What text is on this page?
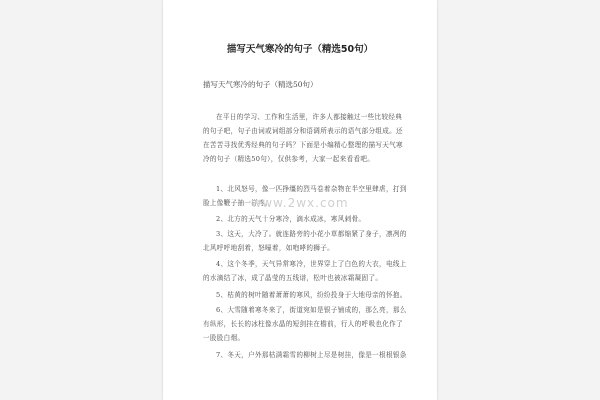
描写天气寒冷的句子（精选50句）
描写天气寒冷的句子（精选50句）
在平日的学习、工作和生活里，许多人都接触过一些比较经典
的句子吧，句子由词或词组部分和语调所表示的语气部分组成。还
在苦苦寻找优秀经典的句子吗？下面是小编精心整理的描写天气寒
冷的句子（精选50句），仅供参考，大家一起来看看吧。
1、北风怒号，像一匹挣缰的烈马卷着杂物在半空里肆虐，打到
脸上像鞭子抽一样疼。
2、北方的天气十分寒冷，滴水成冰，寒风刺骨。
3、这天，大冷了。就连路旁的小花小草都缩紧了身子，凛冽的
北风呼呼地刮着，怒嚎着，如咆哮的狮子。
4、这个冬季，天气异常寒冷，世界穿上了白色的大衣，电线上
的水滴结了冰，成了晶莹的五线谱，松叶也被冰霜凝固了。
5、枯黄的树叶随着萧萧的寒风，纷纷投身于大地母亲的怀抱。
6、大雪随着寒冬来了，街道宛如是银子铺成的，那么亮，那么
有纵形，长长的冰柱像水晶的短剑挂在檐前，行人的呼吸也化作了
一股股白烟。
7、冬天，户外那枯满霜雪的柳树上尽是树挂，像是一根根银条
www.2wx.com
